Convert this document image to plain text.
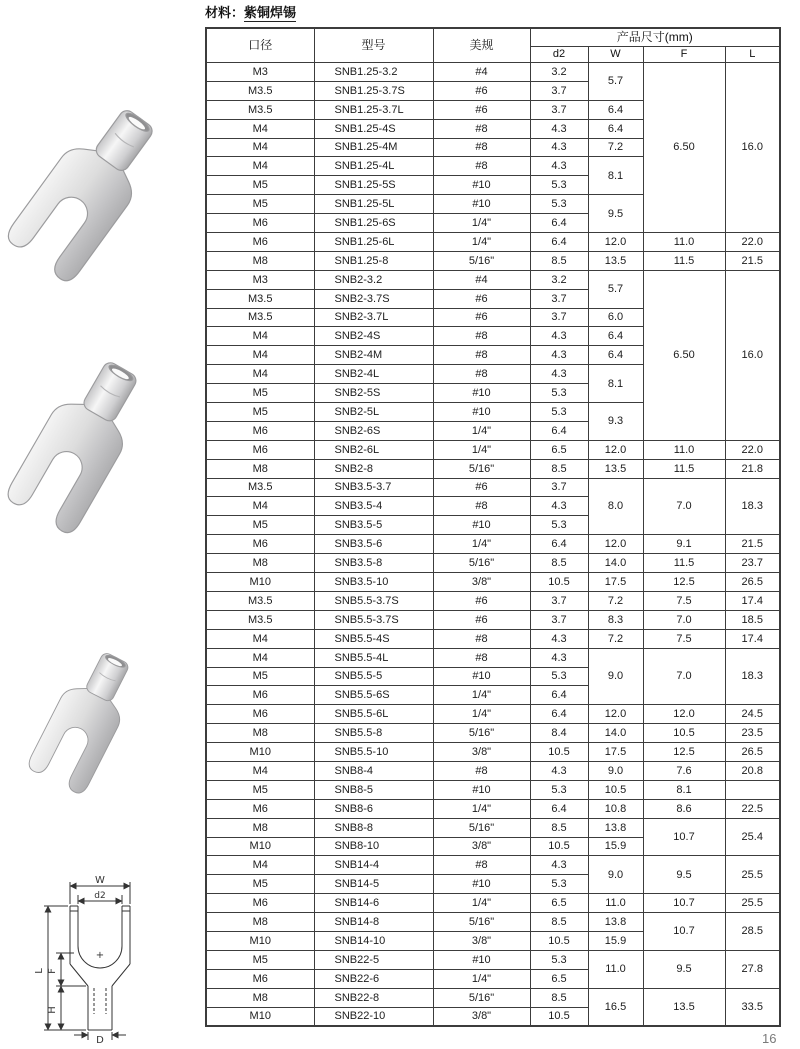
材料：紫铜焊锡
W
d2
L F
H
D
+
口径	型号	美规	产品尺寸(mm)			
			d2	W	F	L
M3	SNB1.25-3.2	#4	3.2	5.7	6.50	16.0
M3.5	SNB1.25-3.7S	#6	3.7			
M3.5	SNB1.25-3.7L	#6	3.7	6.4		
M4	SNB1.25-4S	#8	4.3	6.4		
M4	SNB1.25-4M	#8	4.3	7.2		
M4	SNB1.25-4L	#8	4.3	8.1		
M5	SNB1.25-5S	#10	5.3			
M5	SNB1.25-5L	#10	5.3	9.5		
M6	SNB1.25-6S	1/4"	6.4			
M6	SNB1.25-6L	1/4"	6.4	12.0	11.0	22.0
M8	SNB1.25-8	5/16"	8.5	13.5	11.5	21.5
M3	SNB2-3.2	#4	3.2	5.7	6.50	16.0
M3.5	SNB2-3.7S	#6	3.7			
M3.5	SNB2-3.7L	#6	3.7	6.0		
M4	SNB2-4S	#8	4.3	6.4		
M4	SNB2-4M	#8	4.3	6.4		
M4	SNB2-4L	#8	4.3	8.1		
M5	SNB2-5S	#10	5.3			
M5	SNB2-5L	#10	5.3	9.3		
M6	SNB2-6S	1/4"	6.4			
M6	SNB2-6L	1/4"	6.5	12.0	11.0	22.0
M8	SNB2-8	5/16"	8.5	13.5	11.5	21.8
M3.5	SNB3.5-3.7	#6	3.7	8.0	7.0	18.3
M4	SNB3.5-4	#8	4.3			
M5	SNB3.5-5	#10	5.3			
M6	SNB3.5-6	1/4"	6.4	12.0	9.1	21.5
M8	SNB3.5-8	5/16"	8.5	14.0	11.5	23.7
M10	SNB3.5-10	3/8"	10.5	17.5	12.5	26.5
M3.5	SNB5.5-3.7S	#6	3.7	7.2	7.5	17.4
M3.5	SNB5.5-3.7S	#6	3.7	8.3	7.0	18.5
M4	SNB5.5-4S	#8	4.3	7.2	7.5	17.4
M4	SNB5.5-4L	#8	4.3	9.0	7.0	18.3
M5	SNB5.5-5	#10	5.3			
M6	SNB5.5-6S	1/4"	6.4			
M6	SNB5.5-6L	1/4"	6.4	12.0	12.0	24.5
M8	SNB5.5-8	5/16"	8.4	14.0	10.5	23.5
M10	SNB5.5-10	3/8"	10.5	17.5	12.5	26.5
M4	SNB8-4	#8	4.3	9.0	7.6	20.8
M5	SNB8-5	#10	5.3	10.5	8.1	
M6	SNB8-6	1/4"	6.4	10.8	8.6	22.5
M8	SNB8-8	5/16"	8.5	13.8	10.7	25.4
M10	SNB8-10	3/8"	10.5	15.9		
M4	SNB14-4	#8	4.3	9.0	9.5	25.5
M5	SNB14-5	#10	5.3			
M6	SNB14-6	1/4"	6.5	11.0	10.7	25.5
M8	SNB14-8	5/16"	8.5	13.8	10.7	28.5
M10	SNB14-10	3/8"	10.5	15.9		
M5	SNB22-5	#10	5.3	11.0	9.5	27.8
M6	SNB22-6	1/4"	6.5			
M8	SNB22-8	5/16"	8.5	16.5	13.5	33.5
M10	SNB22-10	3/8"	10.5			
16
